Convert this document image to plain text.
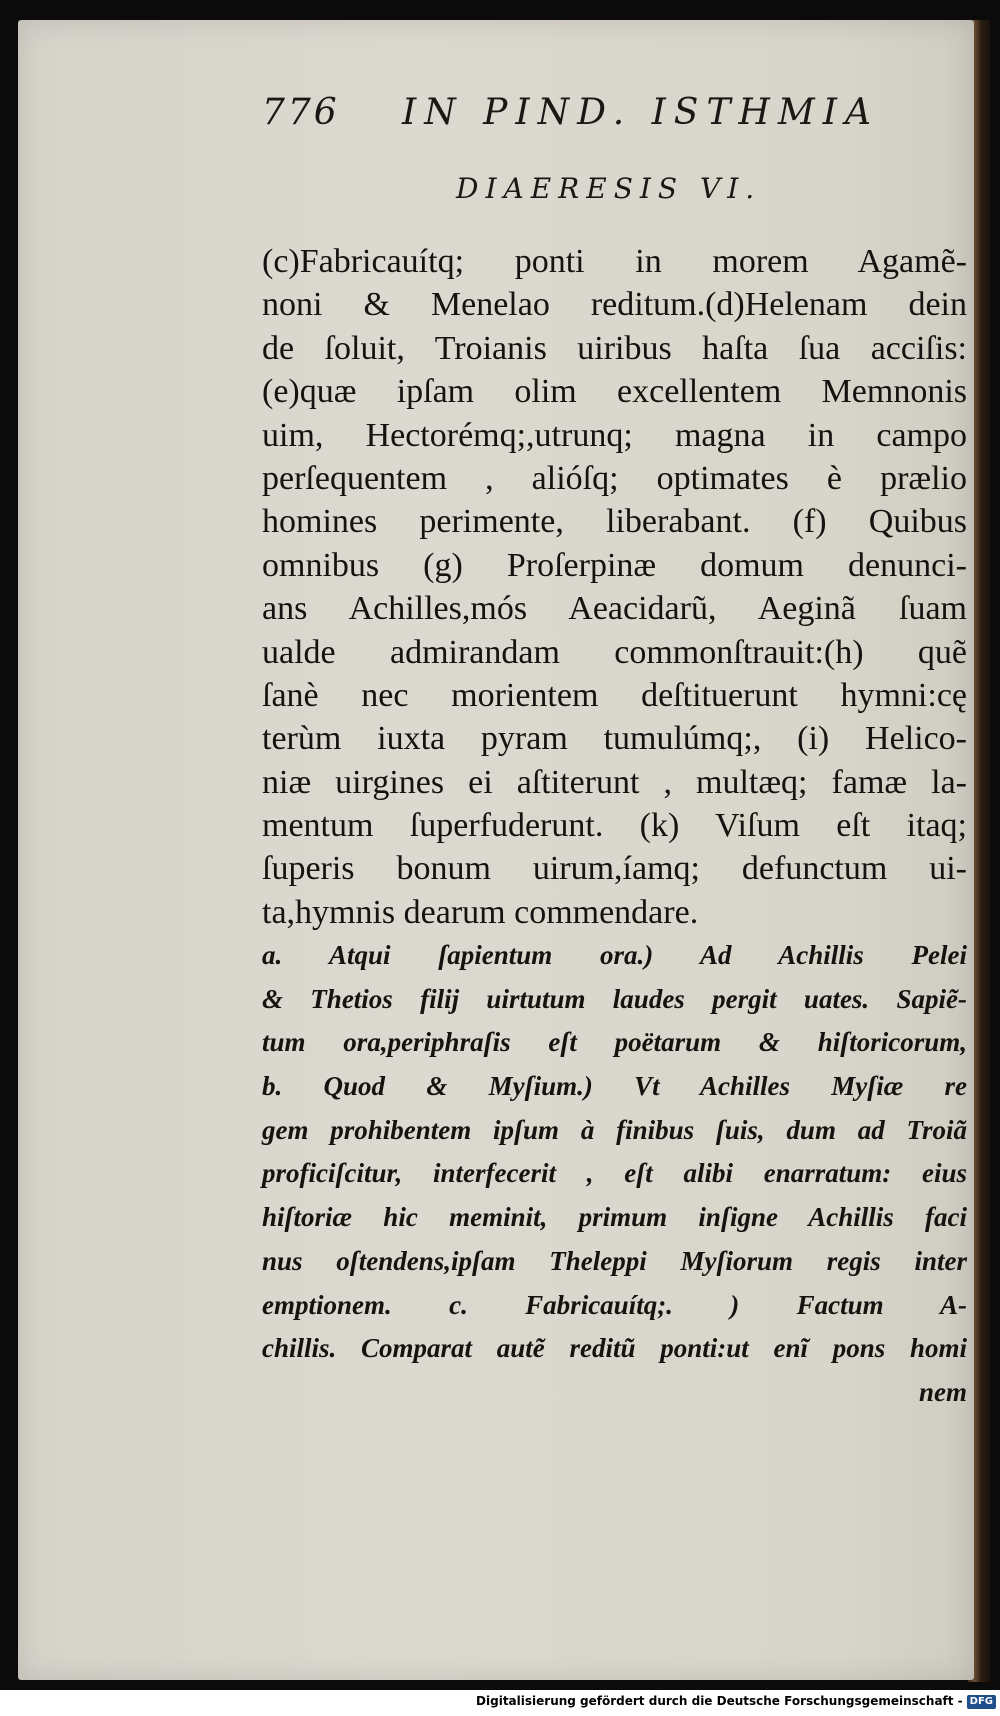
776 IN PIND. ISTHMIA
DIAERESIS VI.
(c)Fabricauítq; ponti in morem Agamẽ-
noni & Menelao reditum.(d)Helenam dein
de ſoluit, Troianis uiribus haſta ſua acciſis:
(e)quæ ipſam olim excellentem Memnonis
uim, Hectorémq;,utrunq; magna in campo
perſequentem , alióſq; optimates è prælio
homines perimente, liberabant. (f) Quibus
omnibus (g) Proſerpinæ domum denunci-
ans Achilles,mós Aeacidarũ, Aeginã ſuam
ualde admirandam commonſtrauit:(h) quẽ
ſanè nec morientem deſtituerunt hymni:cę
terùm iuxta pyram tumulúmq;, (i) Helico-
niæ uirgines ei aſtiterunt , multæq; famæ la-
mentum ſuperfuderunt. (k) Viſum eſt itaq;
ſuperis bonum uirum,íamq; defunctum ui-
ta,hymnis dearum commendare.
a. Atqui ſapientum ora.) Ad Achillis Pelei
& Thetios filij uirtutum laudes pergit uates. Sapiẽ-
tum ora,periphraſis eſt poëtarum & hiſtoricorum,
b. Quod & Myſium.) Vt Achilles Myſiæ re
gem prohibentem ipſum à finibus ſuis, dum ad Troiã
proficiſcitur, interfecerit , eſt alibi enarratum: eius
hiſtoriæ hic meminit, primum inſigne Achillis faci
nus oſtendens,ipſam Theleppi Myſiorum regis inter
emptionem. c. Fabricauítq;. ) Factum A-
chillis. Comparat autẽ reditũ ponti:ut enĩ pons homi
nem
Digitalisierung gefördert durch die Deutsche Forschungsgemeinschaft - DFG
